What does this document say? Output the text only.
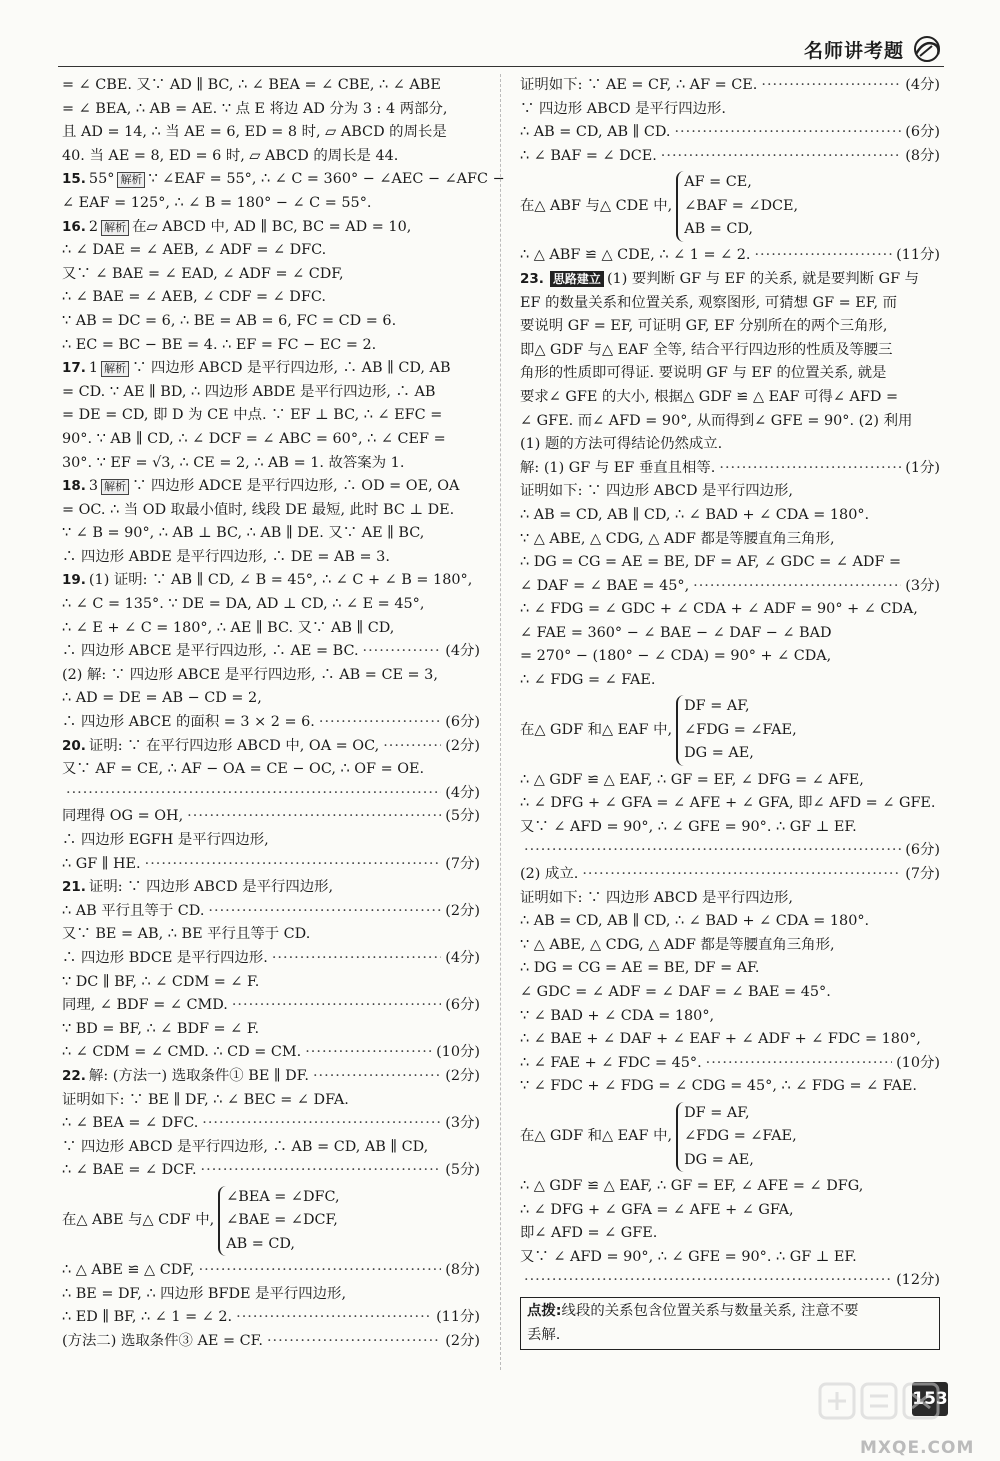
名师讲考题
= ∠ CBE. 又∵ AD ∥ BC, ∴ ∠ BEA = ∠ CBE, ∴ ∠ ABE
= ∠ BEA, ∴ AB = AE. ∵ 点 E 将边 AD 分为 3 : 4 两部分,
且 AD = 14, ∴ 当 AE = 6, ED = 8 时, ▱ ABCD 的周长是
40. 当 AE = 8, ED = 6 时, ▱ ABCD 的周长是 44.
15. 55° 解析 ∵ ∠EAF = 55°, ∴ ∠ C = 360° − ∠AEC − ∠AFC −
∠ EAF = 125°, ∴ ∠ B = 180° − ∠ C = 55°.
16. 2 解析 在▱ ABCD 中, AD ∥ BC, BC = AD = 10,
∴ ∠ DAE = ∠ AEB, ∠ ADF = ∠ DFC.
又∵ ∠ BAE = ∠ EAD, ∠ ADF = ∠ CDF,
∴ ∠ BAE = ∠ AEB, ∠ CDF = ∠ DFC.
∵ AB = DC = 6, ∴ BE = AB = 6, FC = CD = 6.
∴ EC = BC − BE = 4. ∴ EF = FC − EC = 2.
17. 1 解析 ∵ 四边形 ABCD 是平行四边形, ∴ AB ∥ CD, AB
= CD. ∵ AE ∥ BD, ∴ 四边形 ABDE 是平行四边形, ∴ AB
= DE = CD, 即 D 为 CE 中点. ∵ EF ⊥ BC, ∴ ∠ EFC =
90°. ∵ AB ∥ CD, ∴ ∠ DCF = ∠ ABC = 60°, ∴ ∠ CEF =
30°. ∵ EF = √3, ∴ CE = 2, ∴ AB = 1. 故答案为 1.
18. 3 解析 ∵ 四边形 ADCE 是平行四边形, ∴ OD = OE, OA
= OC. ∴ 当 OD 取最小值时, 线段 DE 最短, 此时 BC ⊥ DE.
∵ ∠ B = 90°, ∴ AB ⊥ BC, ∴ AB ∥ DE. 又∵ AE ∥ BC,
∴ 四边形 ABDE 是平行四边形, ∴ DE = AB = 3.
19. (1) 证明: ∵ AB ∥ CD, ∠ B = 45°, ∴ ∠ C + ∠ B = 180°,
∴ ∠ C = 135°. ∵ DE = DA, AD ⊥ CD, ∴ ∠ E = 45°,
∴ ∠ E + ∠ C = 180°, ∴ AE ∥ BC. 又∵ AB ∥ CD,
∴ 四边形 ABCE 是平行四边形, ∴ AE = BC. ·····	(4分)
(2) 解: ∵ 四边形 ABCE 是平行四边形, ∴ AB = CE = 3,
∴ AD = DE = AB − CD = 2,
∴ 四边形 ABCE 的面积 = 3 × 2 = 6. ·····	(6分)
20. 证明: ∵ 在平行四边形 ABCD 中, OA = OC, ·····	(2分)
又∵ AF = CE, ∴ AF − OA = CE − OC, ∴ OF = OE.
·····
(4分)
同理得 OG = OH, ·····	(5分)
∴ 四边形 EGFH 是平行四边形,
∴ GF ∥ HE. ·····	(7分)
21. 证明: ∵ 四边形 ABCD 是平行四边形,
∴ AB 平行且等于 CD. ·····	(2分)
又∵ BE = AB, ∴ BE 平行且等于 CD.
∴ 四边形 BDCE 是平行四边形. ·····	(4分)
∵ DC ∥ BF, ∴ ∠ CDM = ∠ F.
同理, ∠ BDF = ∠ CMD. ·····	(6分)
∵ BD = BF, ∴ ∠ BDF = ∠ F.
∴ ∠ CDM = ∠ CMD. ∴ CD = CM. ·····	(10分)
22. 解: (方法一) 选取条件① BE ∥ DF. ·····	(2分)
证明如下: ∵ BE ∥ DF, ∴ ∠ BEC = ∠ DFA.
∴ ∠ BEA = ∠ DFC. ·····	(3分)
∵ 四边形 ABCD 是平行四边形, ∴ AB = CD, AB ∥ CD,
∴ ∠ BAE = ∠ DCF. ·····	(5分)
在△ ABE 与△ CDF 中,
∠BEA = ∠DFC,
∠BAE = ∠DCF,
AB = CD,
∴ △ ABE ≌ △ CDF, ·····	(8分)
∴ BE = DF, ∴ 四边形 BFDE 是平行四边形,
∴ ED ∥ BF, ∴ ∠ 1 = ∠ 2. ·····	(11分)
(方法二) 选取条件③ AE = CF. ·····	(2分)
证明如下: ∵ AE = CF, ∴ AF = CE. ·····	(4分)
∵ 四边形 ABCD 是平行四边形.
∴ AB = CD, AB ∥ CD. ·····	(6分)
∴ ∠ BAF = ∠ DCE. ·····	(8分)
在△ ABF 与△ CDE 中,
AF = CE,
∠BAF = ∠DCE,
AB = CD,
∴ △ ABF ≌ △ CDE, ∴ ∠ 1 = ∠ 2. ·····	(11分)
23. 思路建立 (1) 要判断 GF 与 EF 的关系, 就是要判断 GF 与
EF 的数量关系和位置关系, 观察图形, 可猜想 GF = EF, 而
要说明 GF = EF, 可证明 GF, EF 分别所在的两个三角形,
即△ GDF 与△ EAF 全等, 结合平行四边形的性质及等腰三
角形的性质即可得证. 要说明 GF 与 EF 的位置关系, 就是
要求∠ GFE 的大小, 根据△ GDF ≌ △ EAF 可得∠ AFD =
∠ GFE. 而∠ AFD = 90°, 从而得到∠ GFE = 90°. (2) 利用
(1) 题的方法可得结论仍然成立.
解: (1) GF 与 EF 垂直且相等. ·····	(1分)
证明如下: ∵ 四边形 ABCD 是平行四边形,
∴ AB = CD, AB ∥ CD, ∴ ∠ BAD + ∠ CDA = 180°.
∵ △ ABE, △ CDG, △ ADF 都是等腰直角三角形,
∴ DG = CG = AE = BE, DF = AF, ∠ GDC = ∠ ADF =
∠ DAF = ∠ BAE = 45°, ·····	(3分)
∴ ∠ FDG = ∠ GDC + ∠ CDA + ∠ ADF = 90° + ∠ CDA,
∠ FAE = 360° − ∠ BAE − ∠ DAF − ∠ BAD
= 270° − (180° − ∠ CDA) = 90° + ∠ CDA,
∴ ∠ FDG = ∠ FAE.
在△ GDF 和△ EAF 中,
DF = AF,
∠FDG = ∠FAE,
DG = AE,
∴ △ GDF ≌ △ EAF, ∴ GF = EF, ∠ DFG = ∠ AFE,
∴ ∠ DFG + ∠ GFA = ∠ AFE + ∠ GFA, 即∠ AFD = ∠ GFE.
又∵ ∠ AFD = 90°, ∴ ∠ GFE = 90°. ∴ GF ⊥ EF.
·····
(6分)
(2) 成立. ·····	(7分)
证明如下: ∵ 四边形 ABCD 是平行四边形,
∴ AB = CD, AB ∥ CD, ∴ ∠ BAD + ∠ CDA = 180°.
∵ △ ABE, △ CDG, △ ADF 都是等腰直角三角形,
∴ DG = CG = AE = BE, DF = AF.
∠ GDC = ∠ ADF = ∠ DAF = ∠ BAE = 45°.
∵ ∠ BAD + ∠ CDA = 180°,
∴ ∠ BAE + ∠ DAF + ∠ EAF + ∠ ADF + ∠ FDC = 180°,
∴ ∠ FAE + ∠ FDC = 45°. ·····	(10分)
∵ ∠ FDC + ∠ FDG = ∠ CDG = 45°, ∴ ∠ FDG = ∠ FAE.
在△ GDF 和△ EAF 中,
DF = AF,
∠FDG = ∠FAE,
DG = AE,
∴ △ GDF ≌ △ EAF, ∴ GF = EF, ∠ AFE = ∠ DFG,
∴ ∠ DFG + ∠ GFA = ∠ AFE + ∠ GFA,
即∠ AFD = ∠ GFE.
又∵ ∠ AFD = 90°, ∴ ∠ GFE = 90°. ∴ GF ⊥ EF.
·····
(12分)
点拨:线段的关系包含位置关系与数量关系, 注意不要
丢解.
153
MXQE.COM
